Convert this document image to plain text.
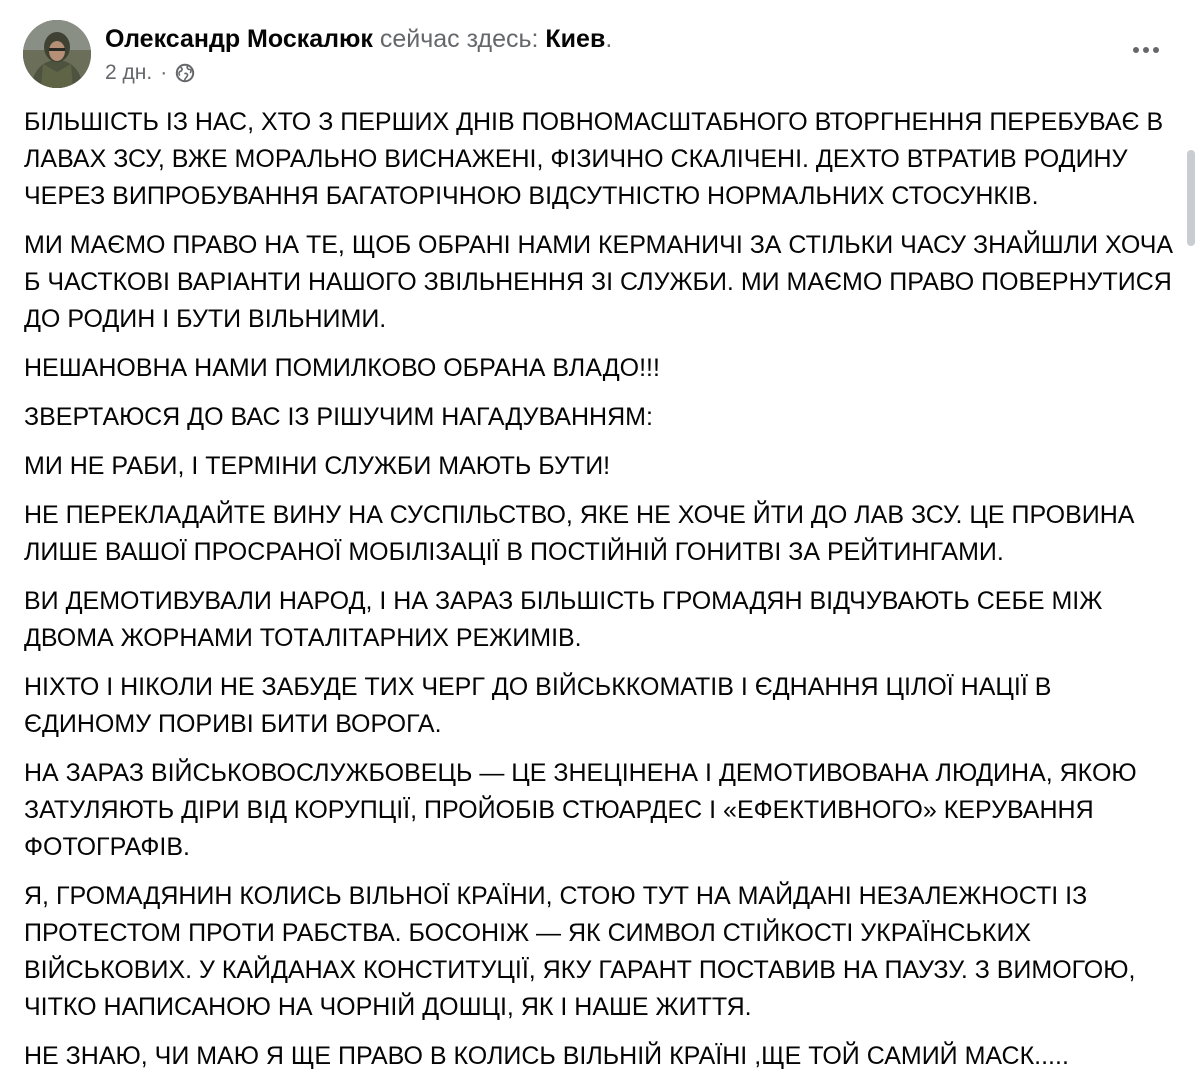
Олександр Москалюк сейчас здесь: Киев.
2 дн. ·

БІЛЬШІСТЬ ІЗ НАС, ХТО З ПЕРШИХ ДНІВ ПОВНОМАСШТАБНОГО ВТОРГНЕННЯ ПЕРЕБУВАЄ В ЛАВАХ ЗСУ, ВЖЕ МОРАЛЬНО ВИСНАЖЕНІ, ФІЗИЧНО СКАЛІЧЕНІ. ДЕХТО ВТРАТИВ РОДИНУ ЧЕРЕЗ ВИПРОБУВАННЯ БАГАТОРІЧНОЮ ВІДСУТНІСТЮ НОРМАЛЬНИХ СТОСУНКІВ.

МИ МАЄМО ПРАВО НА ТЕ, ЩОБ ОБРАНІ НАМИ КЕРМАНИЧІ ЗА СТІЛЬКИ ЧАСУ ЗНАЙШЛИ ХОЧА Б ЧАСТКОВІ ВАРІАНТИ НАШОГО ЗВІЛЬНЕННЯ ЗІ СЛУЖБИ. МИ МАЄМО ПРАВО ПОВЕРНУТИСЯ ДО РОДИН І БУТИ ВІЛЬНИМИ.

НЕШАНОВНА НАМИ ПОМИЛКОВО ОБРАНА ВЛАДО!!!

ЗВЕРТАЮСЯ ДО ВАС ІЗ РІШУЧИМ НАГАДУВАННЯМ:

МИ НЕ РАБИ, І ТЕРМІНИ СЛУЖБИ МАЮТЬ БУТИ!

НЕ ПЕРЕКЛАДАЙТЕ ВИНУ НА СУСПІЛЬСТВО, ЯКЕ НЕ ХОЧЕ ЙТИ ДО ЛАВ ЗСУ. ЦЕ ПРОВИНА ЛИШЕ ВАШОЇ ПРОСРАНОЇ МОБІЛІЗАЦІЇ В ПОСТІЙНІЙ ГОНИТВІ ЗА РЕЙТИНГАМИ.

ВИ ДЕМОТИВУВАЛИ НАРОД, І НА ЗАРАЗ БІЛЬШІСТЬ ГРОМАДЯН ВІДЧУВАЮТЬ СЕБЕ МІЖ ДВОМА ЖОРНАМИ ТОТАЛІТАРНИХ РЕЖИМІВ.

НІХТО І НІКОЛИ НЕ ЗАБУДЕ ТИХ ЧЕРГ ДО ВІЙСЬККОМАТІВ І ЄДНАННЯ ЦІЛОЇ НАЦІЇ В ЄДИНОМУ ПОРИВІ БИТИ ВОРОГА.

НА ЗАРАЗ ВІЙСЬКОВОСЛУЖБОВЕЦЬ — ЦЕ ЗНЕЦІНЕНА І ДЕМОТИВОВАНА ЛЮДИНА, ЯКОЮ ЗАТУЛЯЮТЬ ДІРИ ВІД КОРУПЦІЇ, ПРОЙОБІВ СТЮАРДЕС І «ЕФЕКТИВНОГО» КЕРУВАННЯ ФОТОГРАФІВ.

Я, ГРОМАДЯНИН КОЛИСЬ ВІЛЬНОЇ КРАЇНИ, СТОЮ ТУТ НА МАЙДАНІ НЕЗАЛЕЖНОСТІ ІЗ ПРОТЕСТОМ ПРОТИ РАБСТВА. БОСОНІЖ — ЯК СИМВОЛ СТІЙКОСТІ УКРАЇНСЬКИХ ВІЙСЬКОВИХ. У КАЙДАНАХ КОНСТИТУЦІЇ, ЯКУ ГАРАНТ ПОСТАВИВ НА ПАУЗУ. З ВИМОГОЮ, ЧІТКО НАПИСАНОЮ НА ЧОРНІЙ ДОШЦІ, ЯК І НАШЕ ЖИТТЯ.

НЕ ЗНАЮ, ЧИ МАЮ Я ЩЕ ПРАВО В КОЛИСЬ ВІЛЬНІЙ КРАЇНІ ,ЩЕ ТОЙ САМИЙ МАСК.....
